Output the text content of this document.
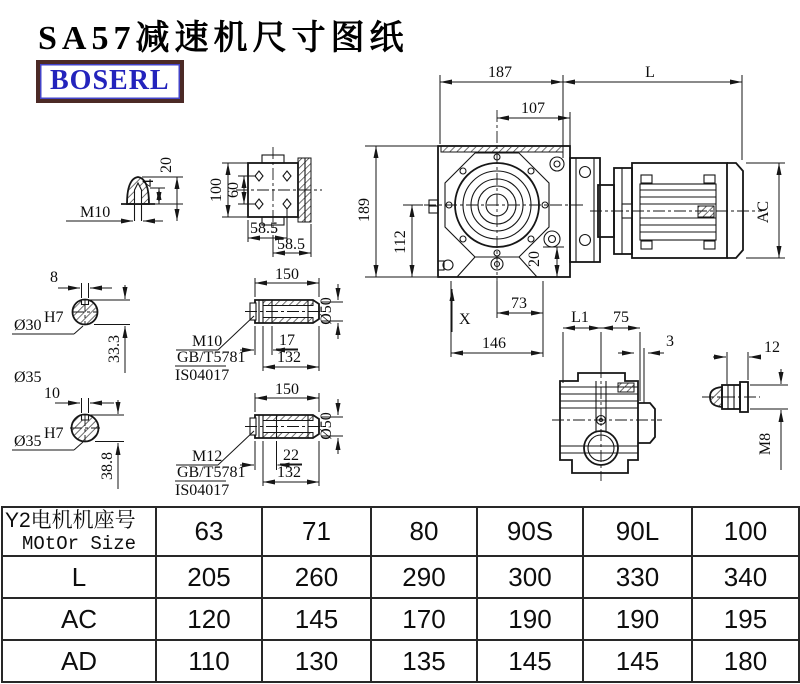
M10
4
20
100 60
58.5
58.5
8
Ø30 H7
33.3
Ø35
10
Ø35 H7
38.8
150
Ø50
17
132
M10
GB/T5781
IS04017
150
Ø50
22
132
M12
GB/T5781
IS04017
187	L
107
189
112
20
73
X
146
AC
L1 75
3	12
M8
SA57减速机尺寸图纸
BOSERL
Y2电机机座号
MOtOr Size	63	71	80	90S	90L	100
L	205	260	290	300	330	340
AC	120	145	170	190	190	195
AD	110	130	135	145	145	180
